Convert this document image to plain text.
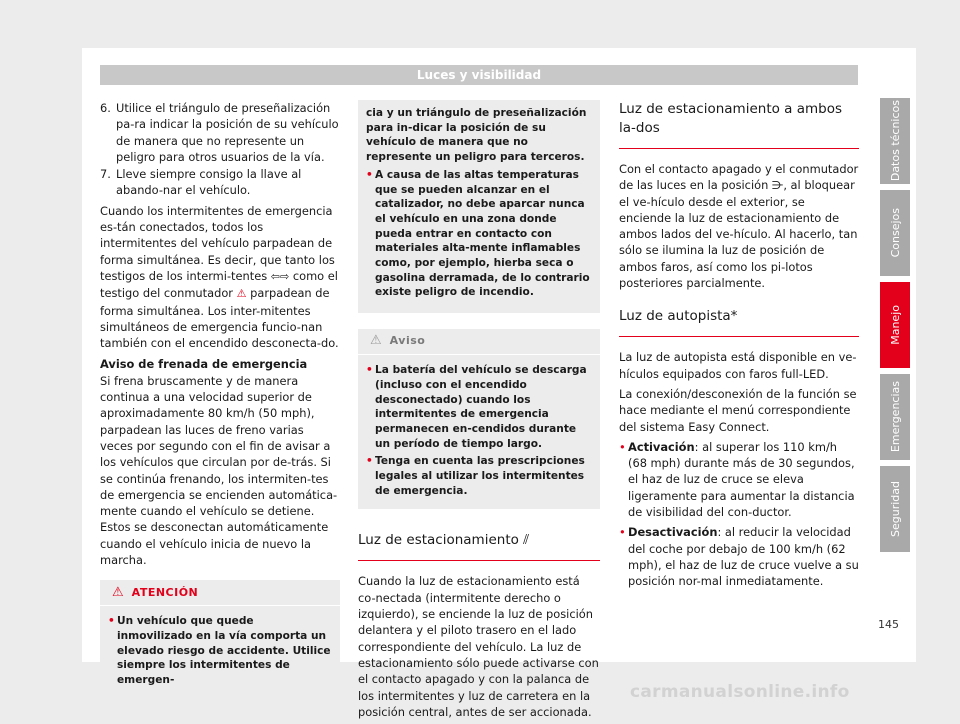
Luces y visibilidad
6. Utilice el triángulo de preseñalización pa-ra indicar la posición de su vehículo de manera que no represente un peligro para otros usuarios de la vía.
7. Lleve siempre consigo la llave al abando-nar el vehículo.

Cuando los intermitentes de emergencia es-tán conectados, todos los intermitentes del vehículo parpadean de forma simultánea. Es decir, que tanto los testigos de los intermi-tentes ⇦⇨ como el testigo del conmutador ⚠ parpadean de forma simultánea. Los inter-mitentes simultáneos de emergencia funcio-nan también con el encendido desconecta-do.

Aviso de frenada de emergencia

Si frena bruscamente y de manera continua a una velocidad superior de aproximadamente 80 km/h (50 mph), parpadean las luces de freno varias veces por segundo con el fin de avisar a los vehículos que circulan por de-trás. Si se continúa frenando, los intermiten-tes de emergencia se encienden automática-mente cuando el vehículo se detiene. Estos se desconectan automáticamente cuando el vehículo inicia de nuevo la marcha.

⚠ ATENCIÓN
• Un vehículo que quede inmovilizado en la vía comporta un elevado riesgo de accidente. Utilice siempre los intermitentes de emergen-
cia y un triángulo de preseñalización para in-dicar la posición de su vehículo de manera que no represente un peligro para terceros.
• A causa de las altas temperaturas que se pueden alcanzar en el catalizador, no debe aparcar nunca el vehículo en una zona donde pueda entrar en contacto con materiales alta-mente inflamables como, por ejemplo, hierba seca o gasolina derramada, de lo contrario existe peligro de incendio.
⚠ Aviso
• La batería del vehículo se descarga (incluso con el encendido desconectado) cuando los intermitentes de emergencia permanecen en-cendidos durante un período de tiempo largo.
• Tenga en cuenta las prescripciones legales al utilizar los intermitentes de emergencia.
Luz de estacionamiento ⫽

Cuando la luz de estacionamiento está co-nectada (intermitente derecho o izquierdo), se enciende la luz de posición delantera y el piloto trasero en el lado correspondiente del vehículo. La luz de estacionamiento sólo puede activarse con el contacto apagado y con la palanca de los intermitentes y luz de carretera en la posición central, antes de ser accionada.

Luz de estacionamiento a ambos la-dos

Con el contacto apagado y el conmutador de las luces en la posición ⋺, al bloquear el ve-hículo desde el exterior, se enciende la luz de estacionamiento de ambos lados del ve-hículo. Al hacerlo, tan sólo se ilumina la luz de posición de ambos faros, así como los pi-lotos posteriores parcialmente.

Luz de autopista*

La luz de autopista está disponible en ve-hículos equipados con faros full-LED.

La conexión/desconexión de la función se hace mediante el menú correspondiente del sistema Easy Connect.

• Activación: al superar los 110 km/h (68 mph) durante más de 30 segundos, el haz de luz de cruce se eleva ligeramente para aumentar la distancia de visibilidad del con-ductor.
• Desactivación: al reducir la velocidad del coche por debajo de 100 km/h (62 mph), el haz de luz de cruce vuelve a su posición nor-mal inmediatamente.
Datos técnicos
Consejos
Manejo
Emergencias
Seguridad
145
carmanualsonline.info
